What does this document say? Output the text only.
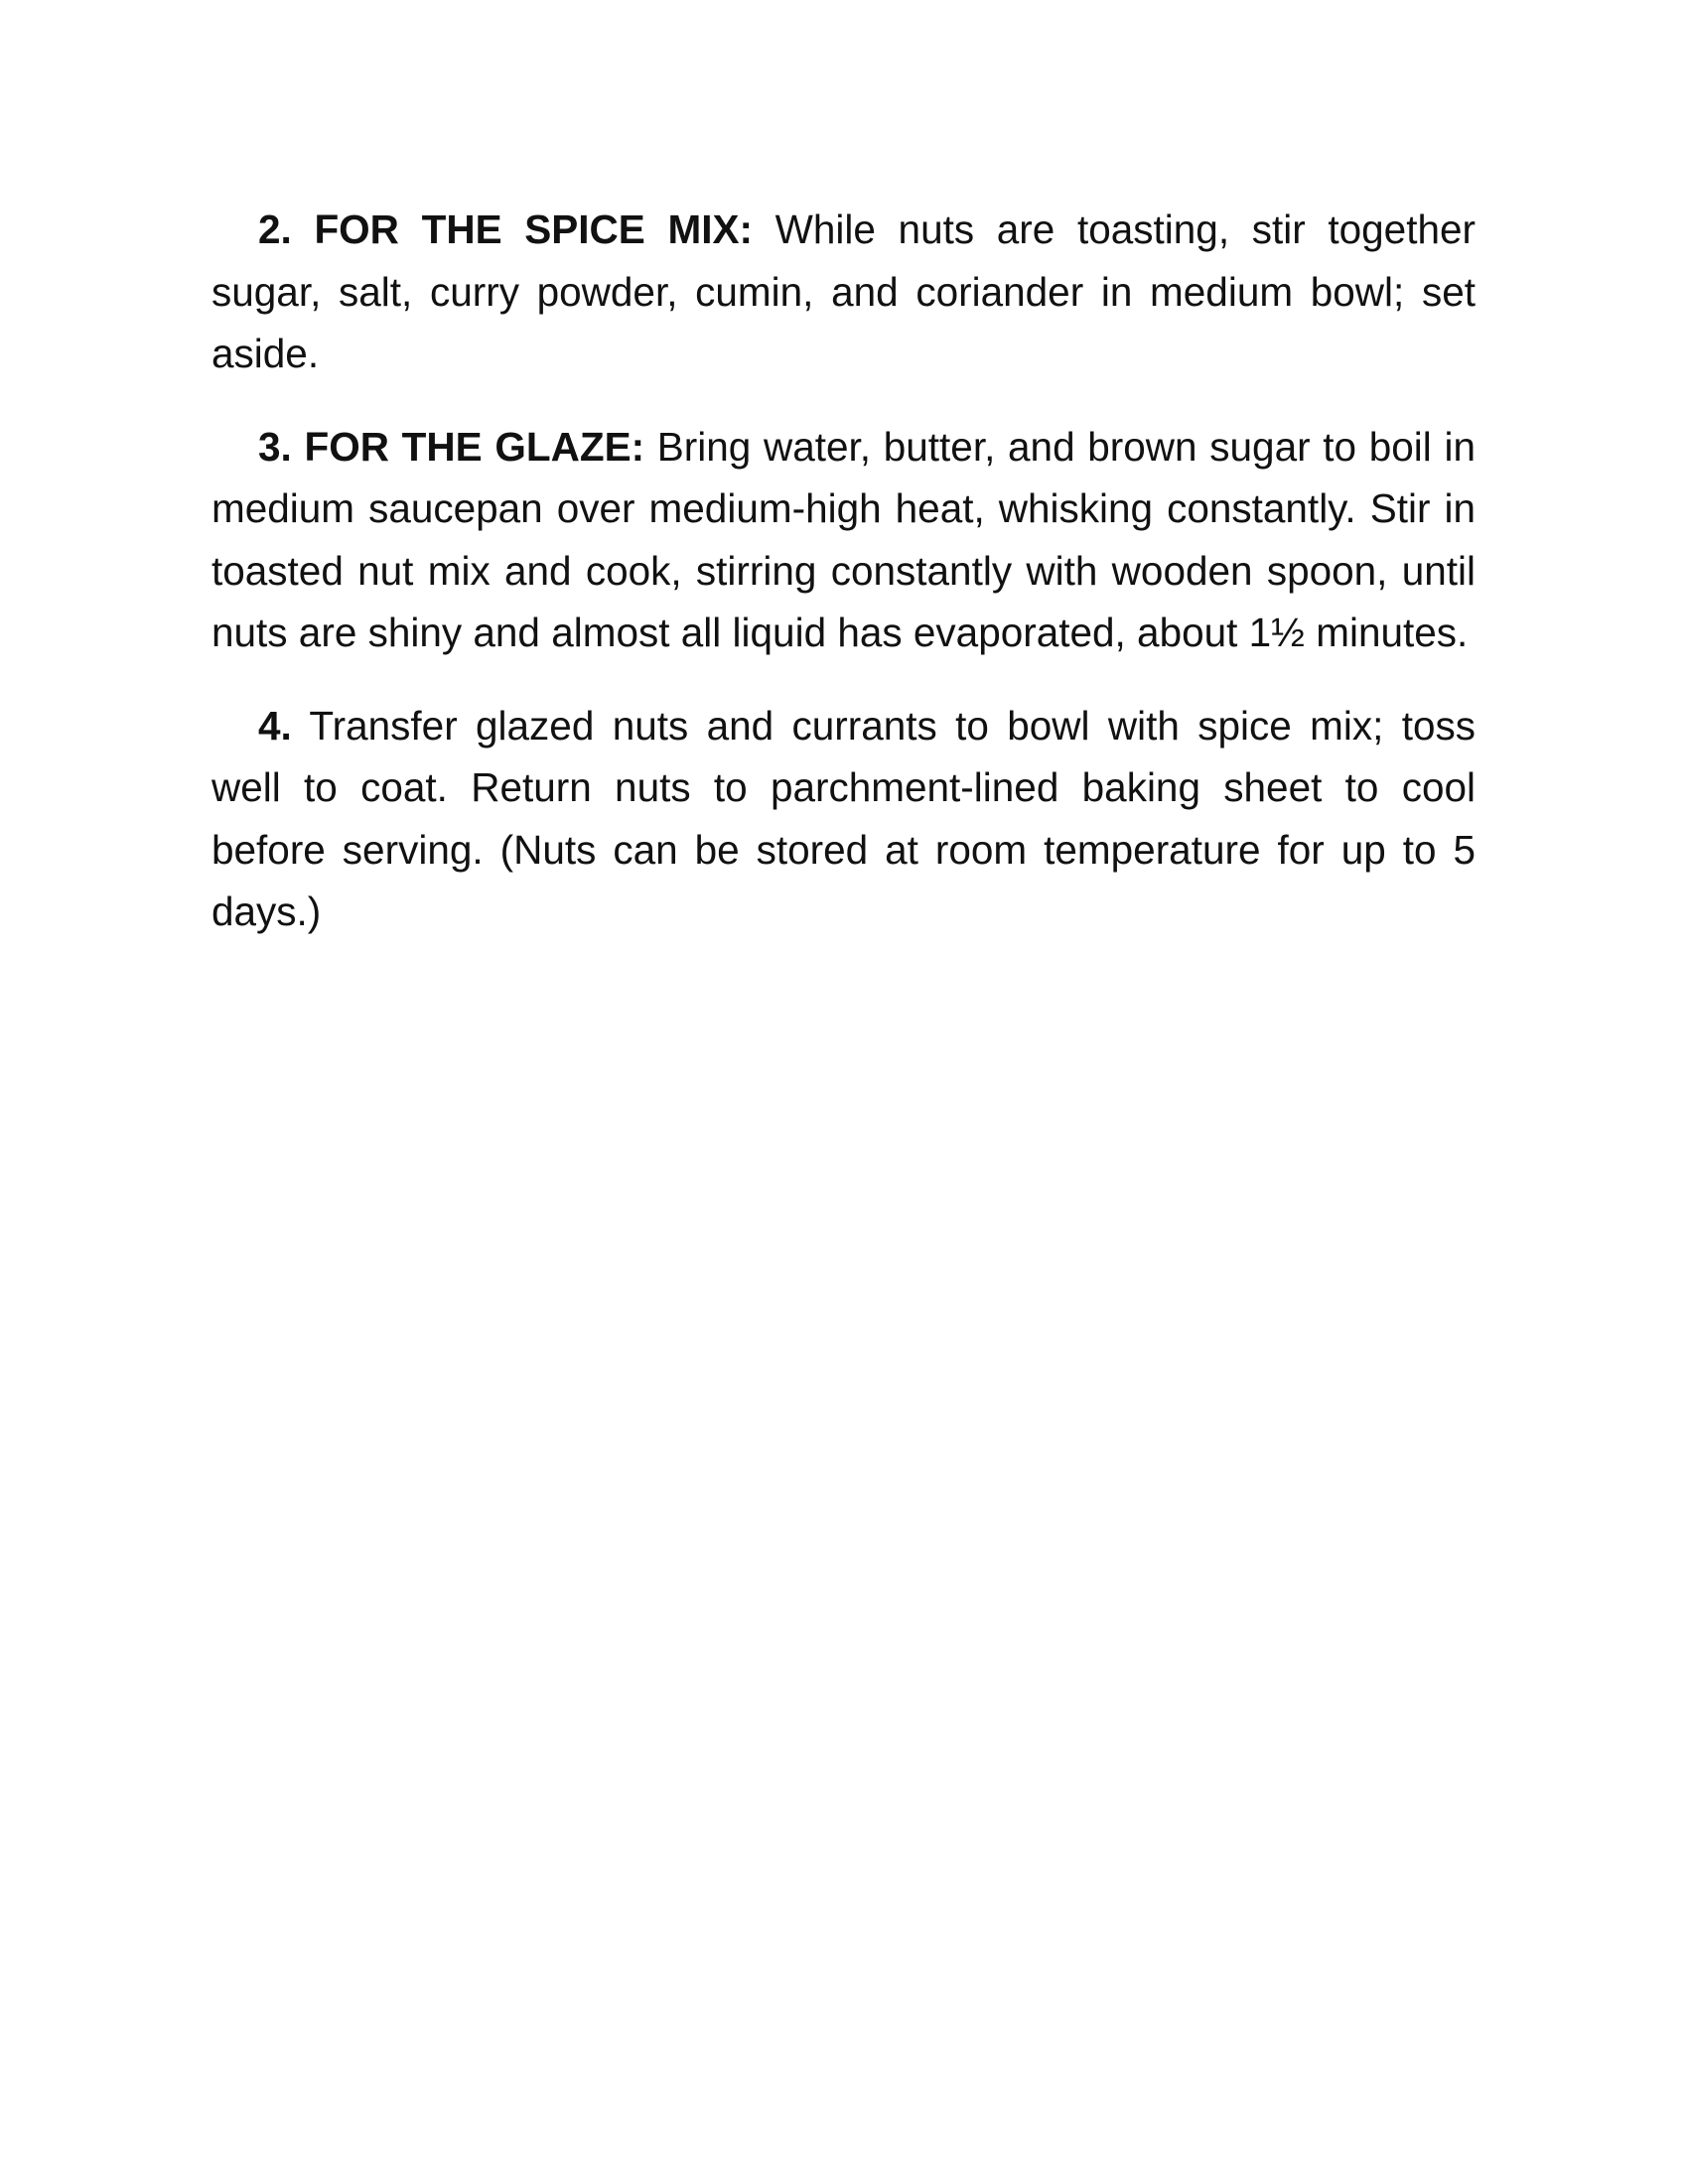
2. FOR THE SPICE MIX: While nuts are toasting, stir together sugar, salt, curry powder, cumin, and coriander in medium bowl; set aside.

3. FOR THE GLAZE: Bring water, butter, and brown sugar to boil in medium saucepan over medium-high heat, whisking constantly. Stir in toasted nut mix and cook, stirring constantly with wooden spoon, until nuts are shiny and almost all liquid has evaporated, about 1½ minutes.

4. Transfer glazed nuts and currants to bowl with spice mix; toss well to coat. Return nuts to parchment-lined baking sheet to cool before serving. (Nuts can be stored at room temperature for up to 5 days.)
